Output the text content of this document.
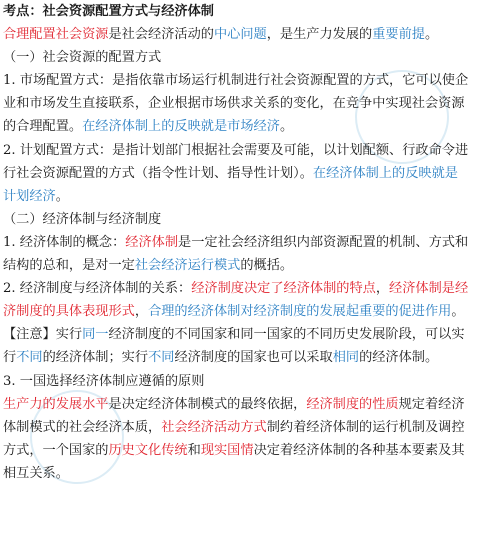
考点：社会资源配置方式与经济体制
合理配置社会资源是社会经济活动的中心问题，是生产力发展的重要前提。
（一）社会资源的配置方式
1. 市场配置方式：是指依靠市场运行机制进行社会资源配置的方式，它可以使企
业和市场发生直接联系，企业根据市场供求关系的变化，在竞争中实现社会资源
的合理配置。在经济体制上的反映就是市场经济。
2. 计划配置方式：是指计划部门根据社会需要及可能，以计划配额、行政命令进
行社会资源配置的方式（指令性计划、指导性计划）。在经济体制上的反映就是
计划经济。
（二）经济体制与经济制度
1. 经济体制的概念：经济体制是一定社会经济组织内部资源配置的机制、方式和
结构的总和，是对一定社会经济运行模式的概括。
2. 经济制度与经济体制的关系：经济制度决定了经济体制的特点，经济体制是经
济制度的具体表现形式，合理的经济体制对经济制度的发展起重要的促进作用。
【注意】实行同一经济制度的不同国家和同一国家的不同历史发展阶段，可以实
行不同的经济体制；实行不同经济制度的国家也可以采取相同的经济体制。
3. 一国选择经济体制应遵循的原则
生产力的发展水平是决定经济体制模式的最终依据，经济制度的性质规定着经济
体制模式的社会经济本质，社会经济活动方式制约着经济体制的运行机制及调控
方式，一个国家的历史文化传统和现实国情决定着经济体制的各种基本要素及其
相互关系。
